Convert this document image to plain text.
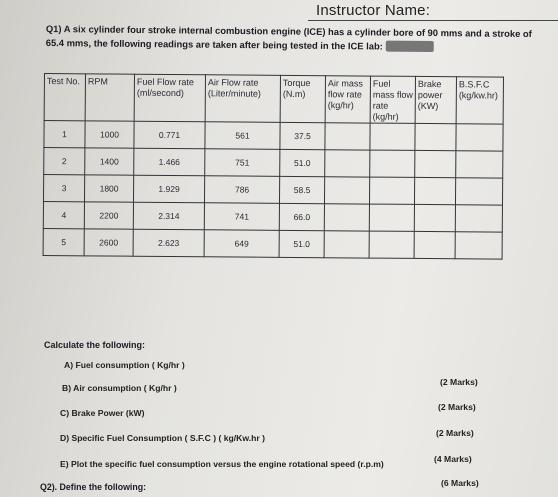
Instructor Name:
Q1) A six cylinder four stroke internal combustion engine (ICE) has a cylinder bore of 90 mms and a stroke of 65.4 mms, the following readings are taken after being tested in the ICE lab: (20 Marks)
Test No.	RPM	Fuel Flow rate (ml/second)	Air Flow rate (Liter/minute)	Torque (N.m)	Air mass flow rate (kg/hr)	Fuel mass flow rate (kg/hr)	Brake power (KW)	B.S.F.C (kg/kw.hr)
1	1000	0.771	561	37.5				
2	1400	1.466	751	51.0				
3	1800	1.929	786	58.5				
4	2200	2.314	741	66.0				
5	2600	2.623	649	51.0				
Calculate the following:
A) Fuel consumption ( Kg/hr )
(2 Marks)
B) Air consumption ( Kg/hr )
(2 Marks)
C) Brake Power (kW)
(2 Marks)
D) Specific Fuel Consumption ( S.F.C ) ( kg/Kw.hr )
(4 Marks)
E) Plot the specific fuel consumption versus the engine rotational speed (r.p.m)
(6 Marks)
Q2). Define the following:
